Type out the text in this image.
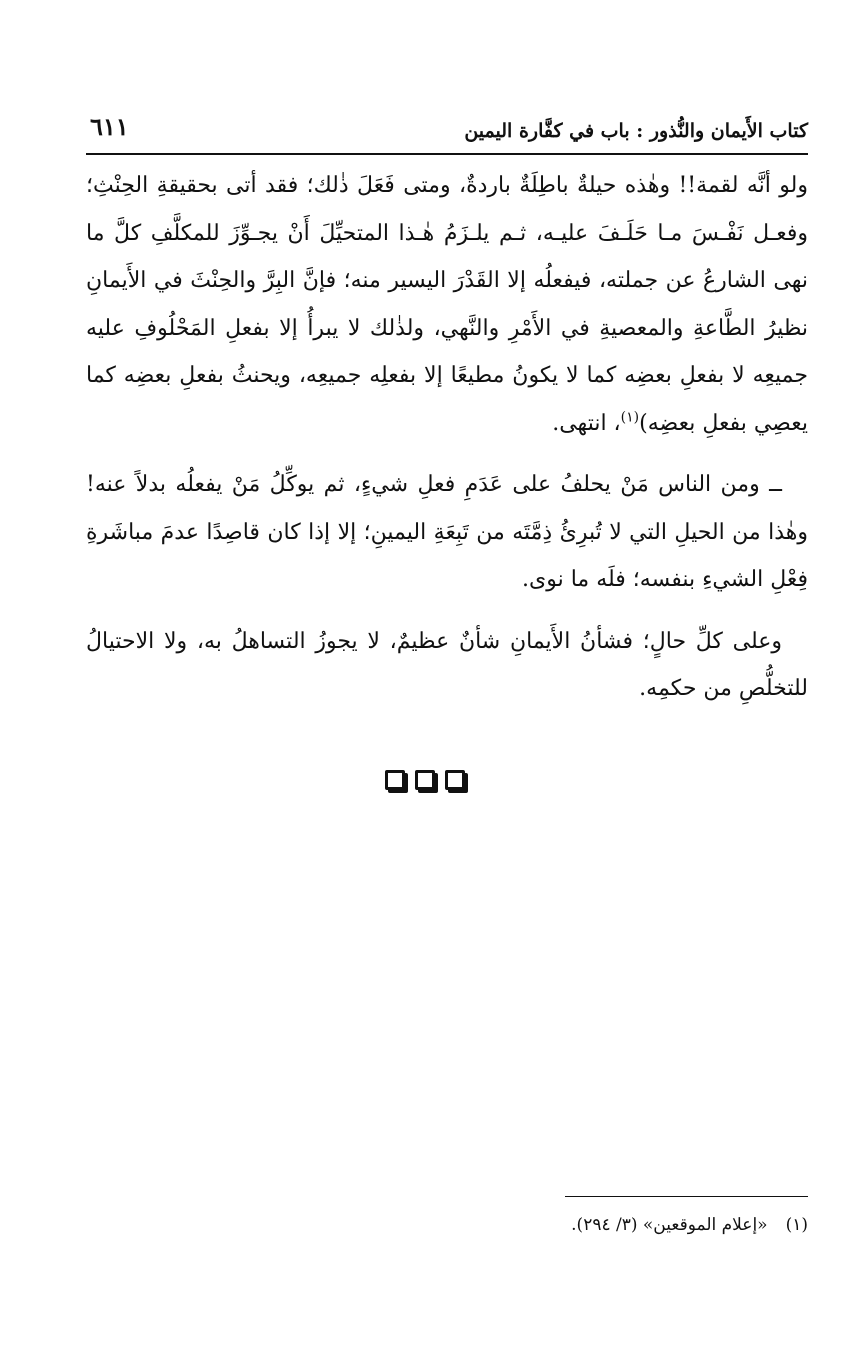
كتاب الأَيمان والنُّذور : باب في كفَّارة اليمين
٦١١

ولو أنَّه لقمة!! وهٰذه حيلةٌ باطِلَةٌ باردةٌ، ومتى فَعَلَ ذٰلك؛ فقد أتى بحقيقةِ الحِنْثِ؛ وفعـل نَفْـسَ مـا حَلَـفَ عليـه، ثـم يلـزَمُ هٰـذا المتحيِّلَ أَنْ يجـوِّزَ للمكلَّفِ كلَّ ما نهى الشارعُ عن جملته، فيفعلُه إلا القَدْرَ اليسير منه؛ فإنَّ البِرَّ والحِنْثَ في الأَيمانِ نظيرُ الطَّاعةِ والمعصيةِ في الأَمْرِ والنَّهي، ولذٰلك لا يبرأُ إلا بفعلِ المَحْلُوفِ عليه جميعِه لا بفعلِ بعضِه كما لا يكونُ مطيعًا إلا بفعلِه جميعِه، ويحنثُ بفعلِ بعضِه كما يعصِي بفعلِ بعضِه)$^{(١)}$، انتهى.

ــ ومن الناس مَنْ يحلفُ على عَدَمِ فعلِ شيءٍ، ثم يوكِّلُ مَنْ يفعلُه بدلاً عنه! وهٰذا من الحيلِ التي لا تُبرِئُ ذِمَّتَه من تَبِعَةِ اليمينِ؛ إلا إذا كان قاصِدًا عدمَ مباشَرةِ فِعْلِ الشيءِ بنفسه؛ فلَه ما نوى.

وعلى كلِّ حالٍ؛ فشأنُ الأَيمانِ شأنٌ عظيمٌ، لا يجوزُ التساهلُ به، ولا الاحتيالُ للتخلُّصِ من حكمِه.

(١)«إعلام الموقعين» (٣/ ٢٩٤).
